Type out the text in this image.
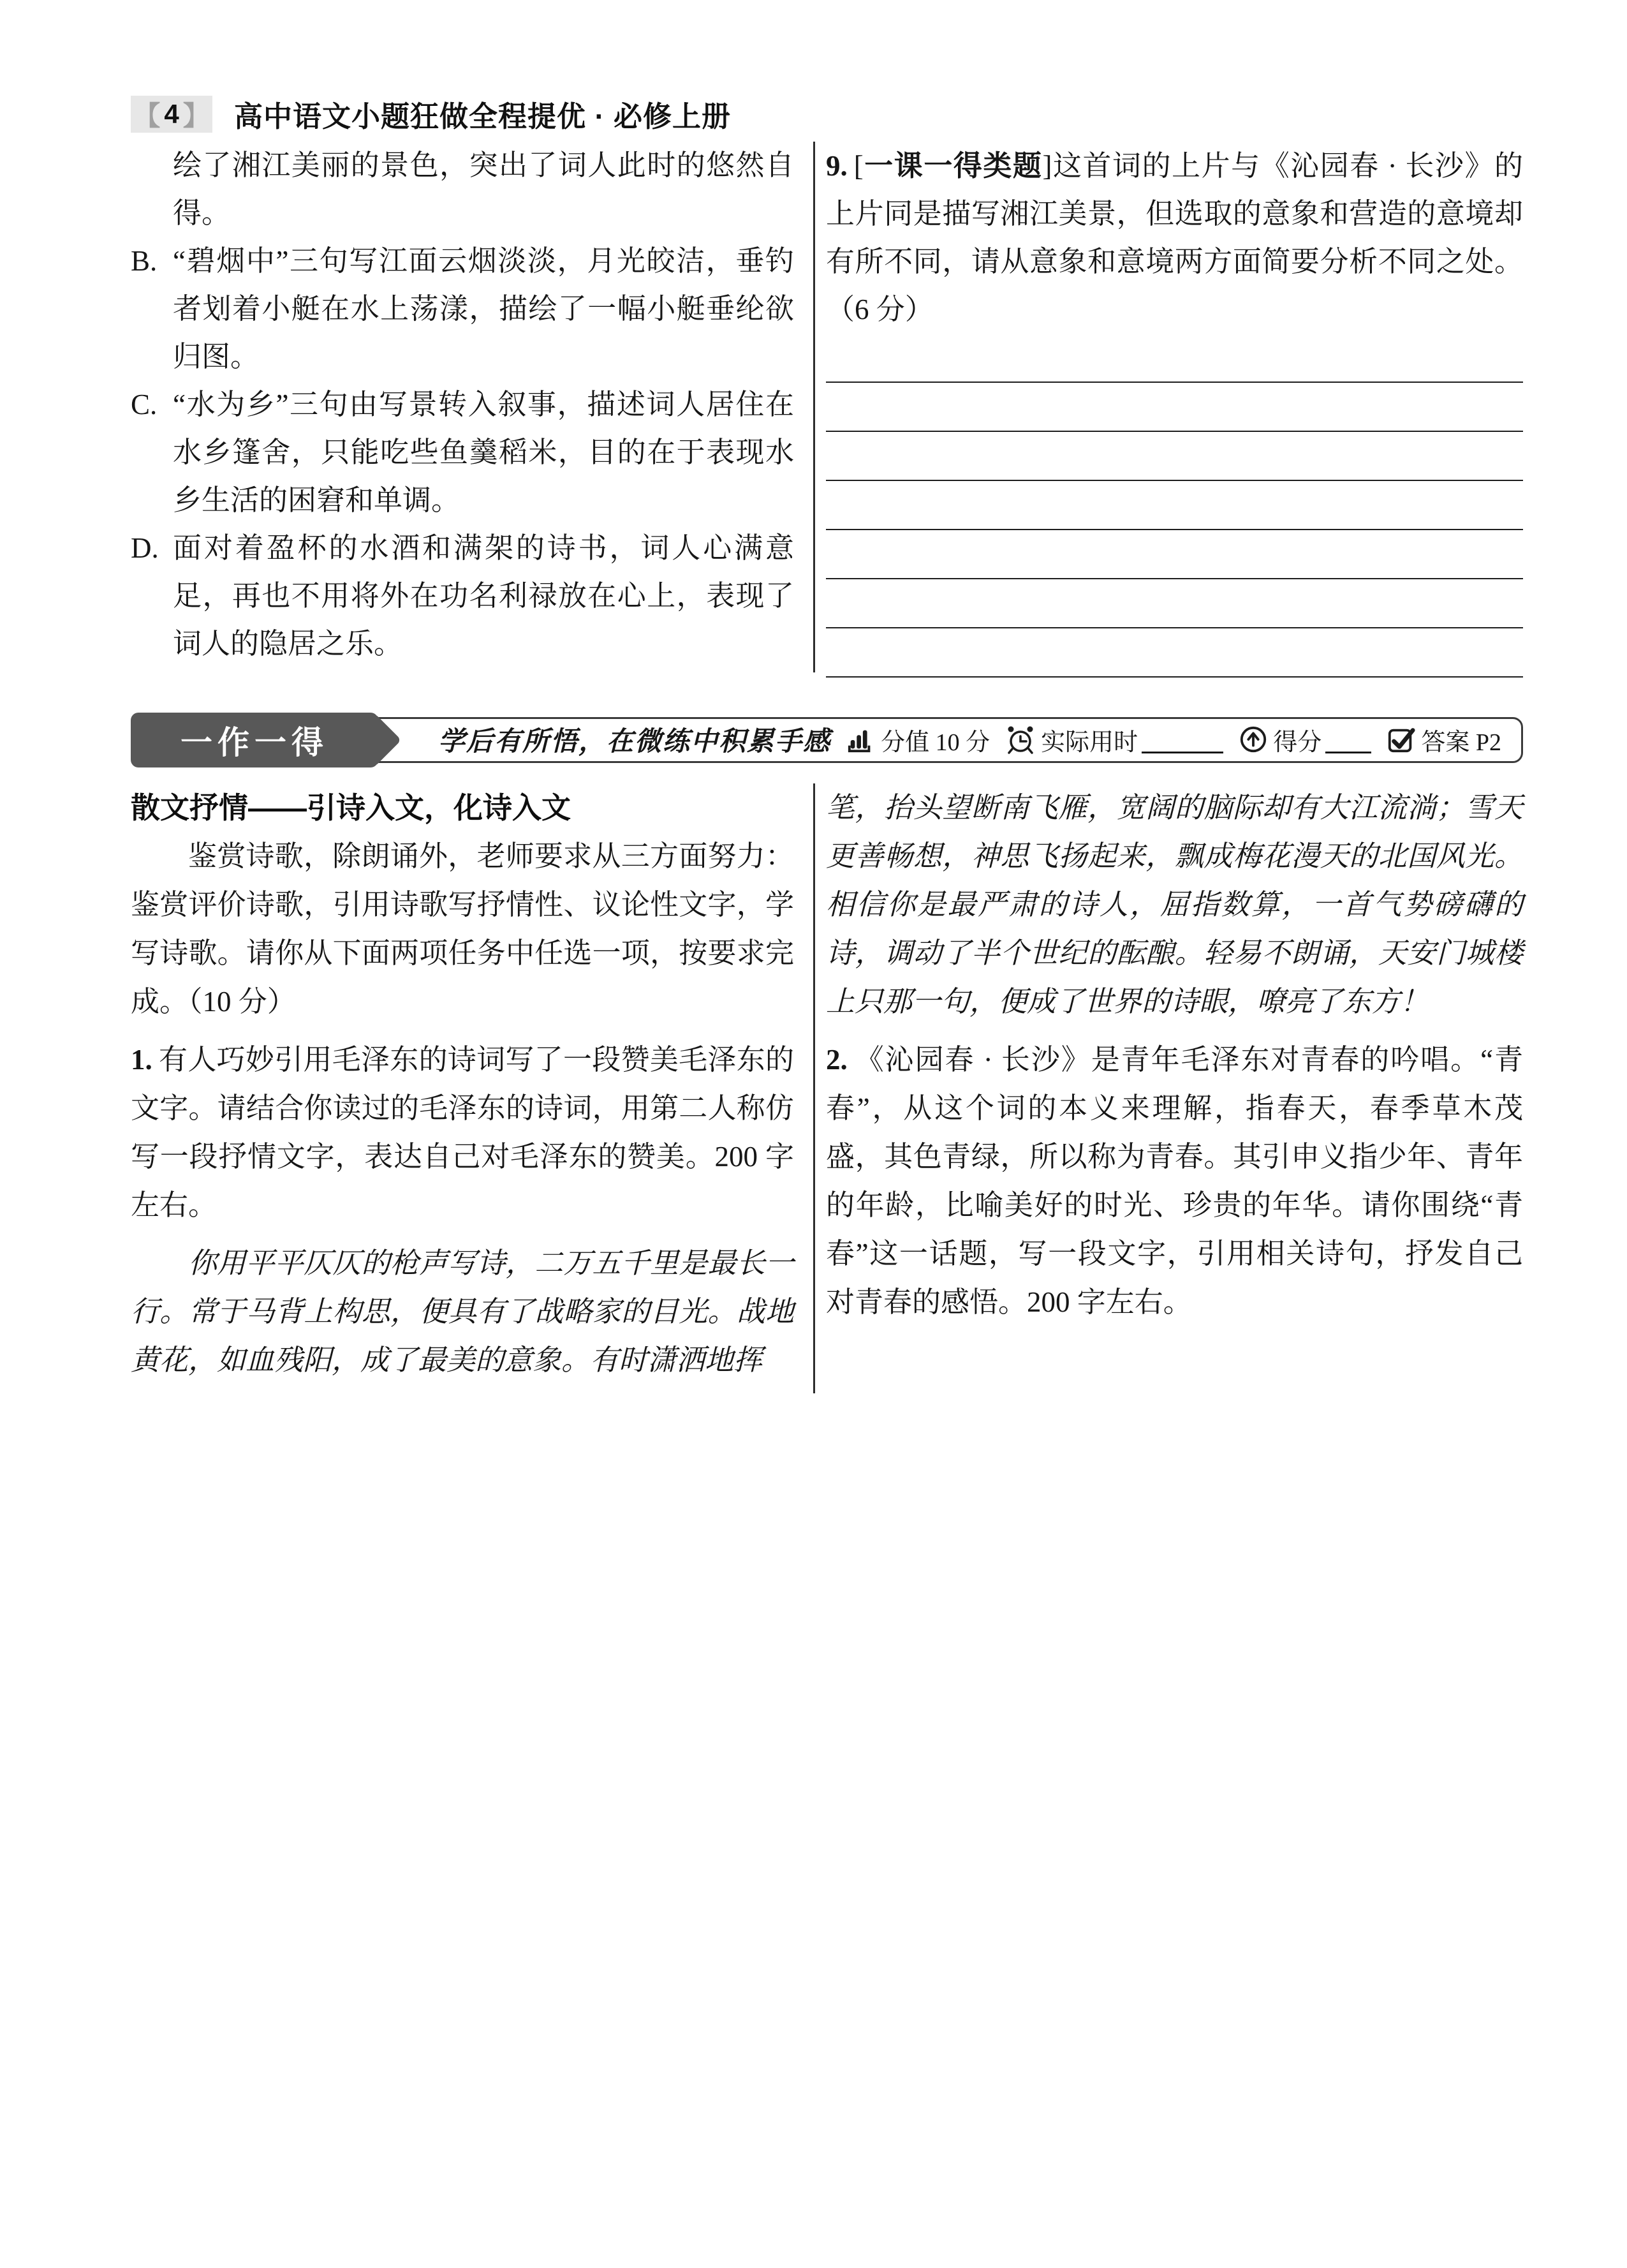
【 4 】 高中语文小题狂做全程提优 · 必修上册

绘了湘江美丽的景色，突出了词人此时的悠然自得。

B. “碧烟中”三句写江面云烟淡淡，月光皎洁，垂钓者划着小艇在水上荡漾，描绘了一幅小艇垂纶欲归图。
C. “水为乡”三句由写景转入叙事，描述词人居住在水乡篷舍，只能吃些鱼羹稻米，目的在于表现水乡生活的困窘和单调。
D. 面对着盈杯的水酒和满架的诗书，词人心满意足，再也不用将外在功名利禄放在心上，表现了词人的隐居之乐。

9. [一课一得类题]这首词的上片与《沁园春 · 长沙》的上片同是描写湘江美景，但选取的意象和营造的意境却有所不同，请从意象和意境两方面简要分析不同之处。（6 分）

一作一得	学后有所悟，在微练中积累手感 分值 10 分 实际用时	得分	答案 P2
散文抒情——引诗入文，化诗入文

鉴赏诗歌，除朗诵外，老师要求从三方面努力：鉴赏评价诗歌，引用诗歌写抒情性、议论性文字，学写诗歌。请你从下面两项任务中任选一项，按要求完成。（10 分）

1. 有人巧妙引用毛泽东的诗词写了一段赞美毛泽东的文字。请结合你读过的毛泽东的诗词，用第二人称仿写一段抒情文字，表达自己对毛泽东的赞美。200 字左右。

你用平平仄仄的枪声写诗，二万五千里是最长一行。常于马背上构思，便具有了战略家的目光。战地黄花，如血残阳，成了最美的意象。有时潇洒地挥

笔，抬头望断南飞雁，宽阔的脑际却有大江流淌；雪天更善畅想，神思飞扬起来，飘成梅花漫天的北国风光。相信你是最严肃的诗人，屈指数算，一首气势磅礴的诗，调动了半个世纪的酝酿。轻易不朗诵，天安门城楼上只那一句，便成了世界的诗眼，嘹亮了东方！

2. 《沁园春 · 长沙》是青年毛泽东对青春的吟唱。“青春”，从这个词的本义来理解，指春天，春季草木茂盛，其色青绿，所以称为青春。其引申义指少年、青年的年龄，比喻美好的时光、珍贵的年华。请你围绕“青春”这一话题，写一段文字，引用相关诗句，抒发自己对青春的感悟。200 字左右。
